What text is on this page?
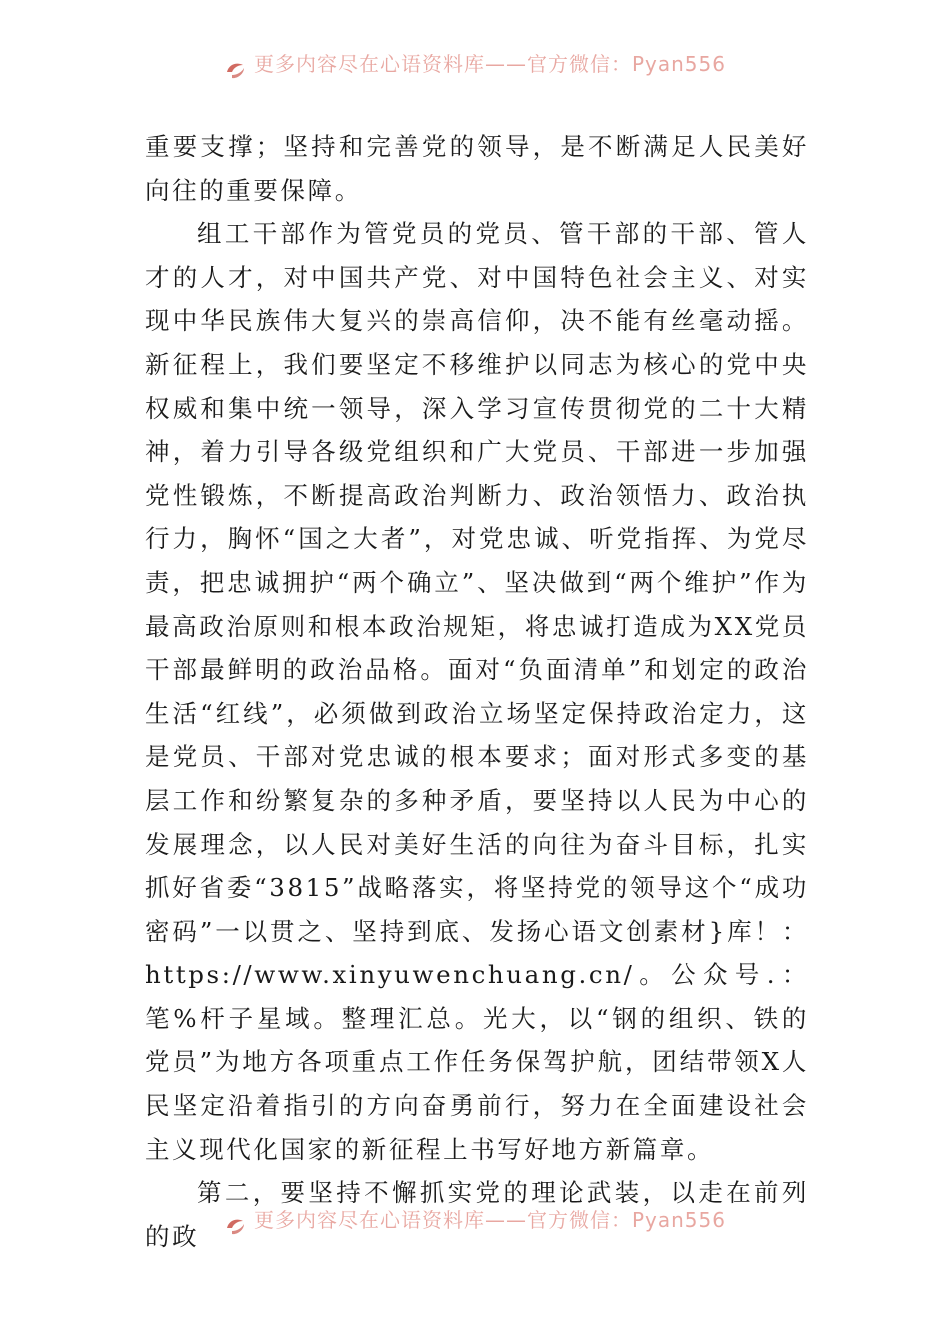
更多内容尽在心语资料库——官方微信：Pyan556

重要支撑；坚持和完善党的领导，是不断满足人民美好向往的重要保障。

组工干部作为管党员的党员、管干部的干部、管人才的人才，对中国共产党、对中国特色社会主义、对实现中华民族伟大复兴的崇高信仰，决不能有丝毫动摇。新征程上，我们要坚定不移维护以同志为核心的党中央权威和集中统一领导，深入学习宣传贯彻党的二十大精神，着力引导各级党组织和广大党员、干部进一步加强党性锻炼，不断提高政治判断力、政治领悟力、政治执行力，胸怀“国之大者”，对党忠诚、听党指挥、为党尽责，把忠诚拥护“两个确立”、坚决做到“两个维护”作为最高政治原则和根本政治规矩，将忠诚打造成为XX党员干部最鲜明的政治品格。面对“负面清单”和划定的政治生活“红线”，必须做到政治立场坚定保持政治定力，这是党员、干部对党忠诚的根本要求；面对形式多变的基层工作和纷繁复杂的多种矛盾，要坚持以人民为中心的发展理念，以人民对美好生活的向往为奋斗目标，扎实抓好省委“3815”战略落实，将坚持党的领导这个“成功密码”一以贯之、坚持到底、发扬心语文创素材}库！：https://www.xinyuwenchuang.cn/。公众号.：笔%杆子星域。整理汇总。光大，以“钢的组织、铁的党员”为地方各项重点工作任务保驾护航，团结带领X人民坚定沿着指引的方向奋勇前行，努力在全面建设社会主义现代化国家的新征程上书写好地方新篇章。

第二，要坚持不懈抓实党的理论武装，以走在前列的政

更多内容尽在心语资料库——官方微信：Pyan556
